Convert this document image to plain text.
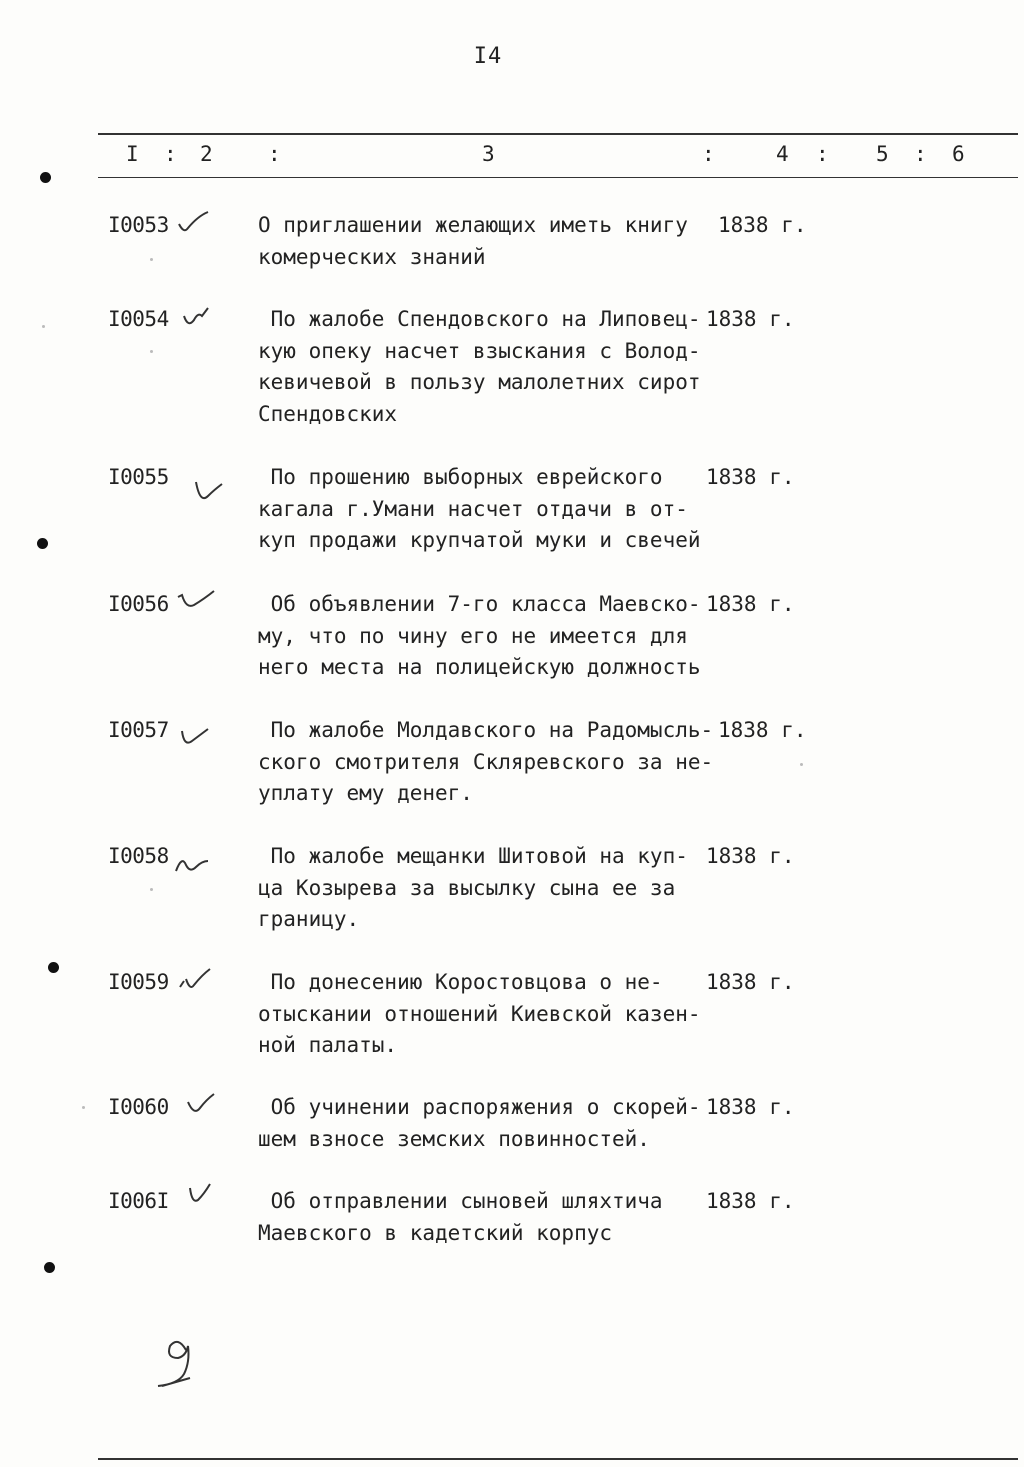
I4
I : 2	:	3	:	4 : 5 : 6
I0053	О приглашении желающих иметь книгу
комерческих знаний
1838 г.
I0054	По жалобе Спендовского на Липовец-
кую опеку насчет взыскания с Волод-
кевичевой в пользу малолетних сирот
Спендовских
1838 г.
I0055	По прошению выборных еврейского
кагала г.Умани насчет отдачи в от-
куп продажи крупчатой муки и свечей
1838 г.
I0056	Об объявлении 7-го класса Маевско-
му, что по чину его не имеется для
него места на полицейскую должность
1838 г.
I0057	По жалобе Молдавского на Радомысль-
ского смотрителя Скляревского за не-
уплату ему денег.
1838 г.
I0058	По жалобе мещанки Шитовой на куп-
ца Козырева за высылку сына ее за
границу.
1838 г.
I0059	По донесению Коростовцова о не-
отыскании отношений Киевской казен-
ной палаты.
1838 г.
I0060	Об учинении распоряжения о скорей-
шем взносе земских повинностей.
1838 г.
I006I	Об отправлении сыновей шляхтича
Маевского в кадетский корпус
1838 г.
